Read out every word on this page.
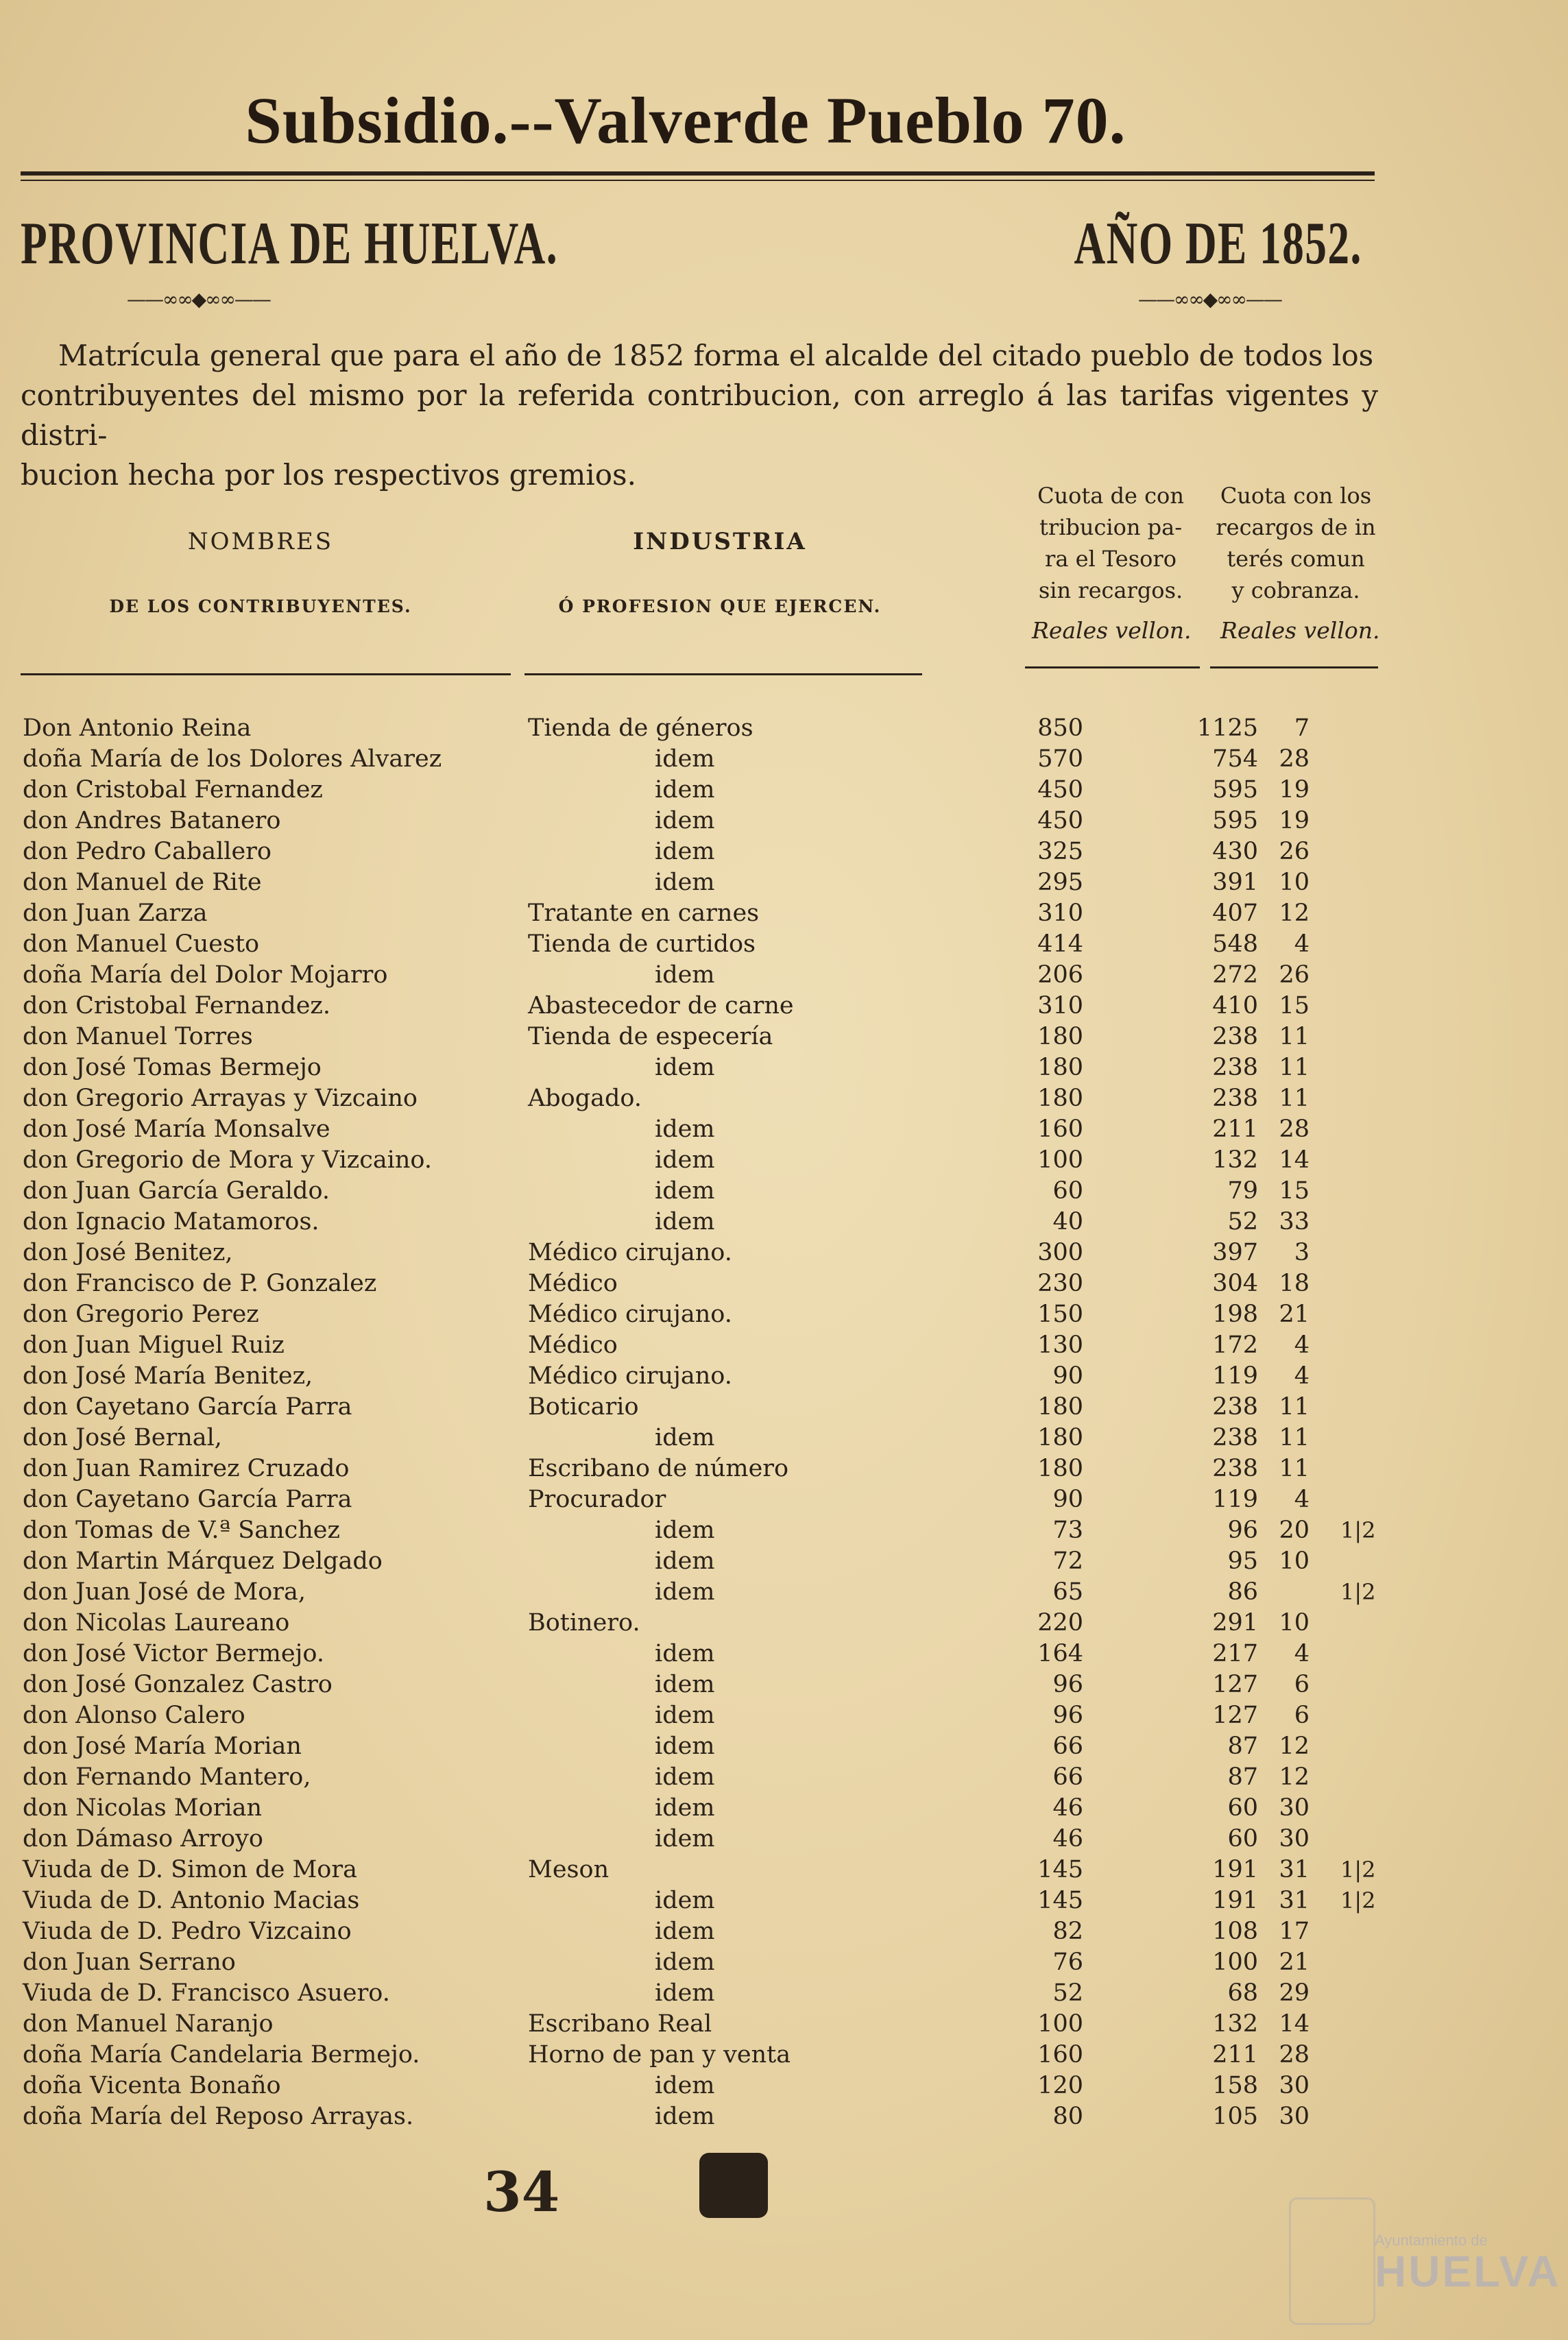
Subsidio.--Valverde Pueblo 70.
PROVINCIA DE HUELVA.	AÑO DE 1852.
——∞∞◆∞∞——	——∞∞◆∞∞——
Matrícula general que para el año de 1852 forma el alcalde del citado pueblo de todos los
contribuyentes del mismo por la referida contribucion, con arreglo á las tarifas vigentes y distri-
bucion hecha por los respectivos gremios.
NOMBRES
DE LOS CONTRIBUYENTES.
INDUSTRIA
Ó PROFESION QUE EJERCEN.
Cuota de con
tribucion pa-
ra el Tesoro
sin recargos.
Cuota con los
recargos de in
terés comun
y cobranza.
Reales vellon. Reales vellon.
Don Antonio Reina	Tienda de géneros	850	1125	7
doña María de los Dolores Alvarez	idem	570	754 28
don Cristobal Fernandez	idem	450	595 19
don Andres Batanero	idem	450	595 19
don Pedro Caballero	idem	325	430 26
don Manuel de Rite	idem	295	391 10
don Juan Zarza	Tratante en carnes	310	407 12
don Manuel Cuesto	Tienda de curtidos	414	548	4
doña María del Dolor Mojarro	idem	206	272 26
don Cristobal Fernandez.	Abastecedor de carne	310	410 15
don Manuel Torres	Tienda de especería	180	238 11
don José Tomas Bermejo	idem	180	238 11
don Gregorio Arrayas y Vizcaino	Abogado.	180	238 11
don José María Monsalve	idem	160	211 28
don Gregorio de Mora y Vizcaino.	idem	100	132 14
don Juan García Geraldo.	idem	60	79 15
don Ignacio Matamoros.	idem	40	52 33
don José Benitez,	Médico cirujano.	300	397	3
don Francisco de P. Gonzalez	Médico	230	304 18
don Gregorio Perez	Médico cirujano.	150	198 21
don Juan Miguel Ruiz	Médico	130	172	4
don José María Benitez,	Médico cirujano.	90	119	4
don Cayetano García Parra	Boticario	180	238 11
don José Bernal,	idem	180	238 11
don Juan Ramirez Cruzado	Escribano de número	180	238 11
don Cayetano García Parra	Procurador	90	119	4
don Tomas de V.ª Sanchez	idem	73	96 20 1|2
don Martin Márquez Delgado	idem	72	95 10
don Juan José de Mora,	idem	65	86	1|2
don Nicolas Laureano	Botinero.	220	291 10
don José Victor Bermejo.	idem	164	217	4
don José Gonzalez Castro	idem	96	127	6
don Alonso Calero	idem	96	127	6
don José María Morian	idem	66	87 12
don Fernando Mantero,	idem	66	87 12
don Nicolas Morian	idem	46	60 30
don Dámaso Arroyo	idem	46	60 30
Viuda de D. Simon de Mora	Meson	145	191 31 1|2
Viuda de D. Antonio Macias	idem	145	191 31 1|2
Viuda de D. Pedro Vizcaino	idem	82	108 17
don Juan Serrano	idem	76	100 21
Viuda de D. Francisco Asuero.	idem	52	68 29
don Manuel Naranjo	Escribano Real	100	132 14
doña María Candelaria Bermejo.	Horno de pan y venta	160	211 28
doña Vicenta Bonaño	idem	120	158 30
doña María del Reposo Arrayas.	idem	80	105 30
34
Ayuntamiento de
HUELVA
